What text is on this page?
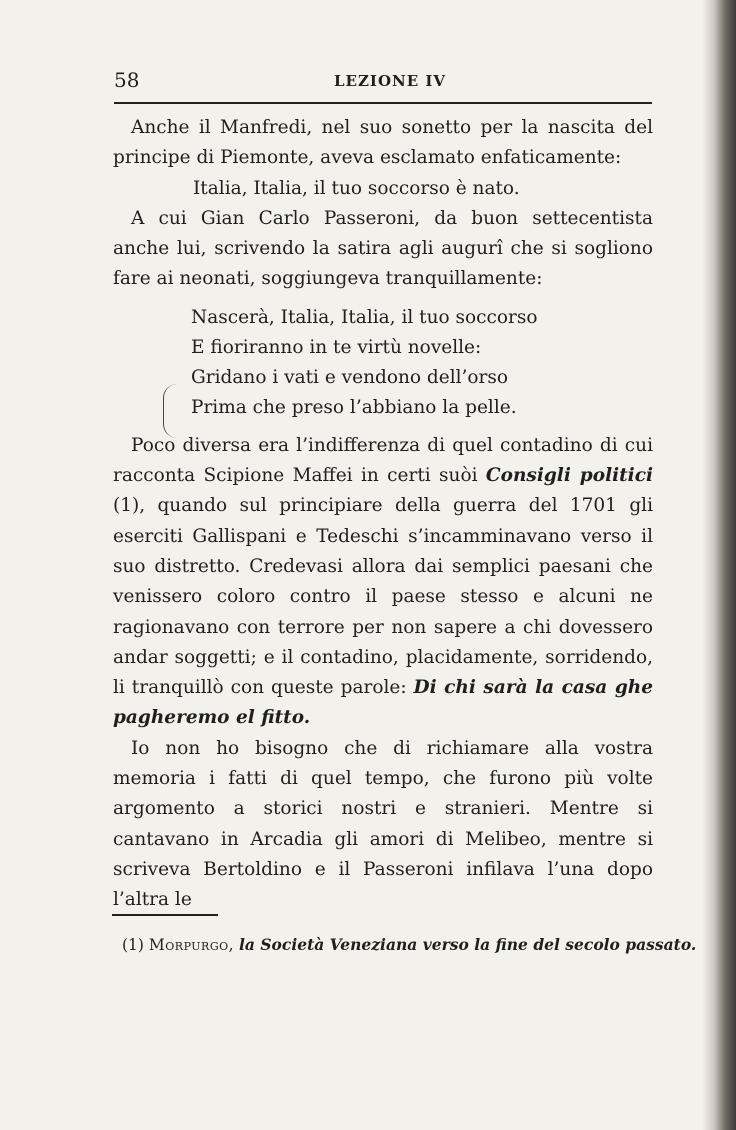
58	LEZIONE IV

Anche il Manfredi, nel suo sonetto per la nascita del principe di Piemonte, aveva esclamato enfaticamente:

Italia, Italia, il tuo soccorso è nato.

A cui Gian Carlo Passeroni, da buon settecentista anche lui, scrivendo la satira agli augurî che si sogliono fare ai neonati, soggiungeva tranquillamente:

Nascerà, Italia, Italia, il tuo soccorso
E fioriranno in te virtù novelle:
Gridano i vati e vendono dell’orso
Prima che preso l’abbiano la pelle.

Poco diversa era l’indifferenza di quel contadino di cui racconta Scipione Maffei in certi suòi Consigli politici (1), quando sul principiare della guerra del 1701 gli eserciti Gallispani e Tedeschi s’incamminavano verso il suo distretto. Credevasi allora dai semplici paesani che venissero coloro contro il paese stesso e alcuni ne ragionavano con terrore per non sapere a chi dovessero andar soggetti; e il contadino, placidamente, sorridendo, li tranquillò con queste parole: Di chi sarà la casa ghe pagheremo el fitto.

Io non ho bisogno che di richiamare alla vostra memoria i fatti di quel tempo, che furono più volte argomento a storici nostri e stranieri. Mentre si cantavano in Arcadia gli amori di Melibeo, mentre si scriveva Bertoldino e il Passeroni infilava l’una dopo l’altra le

(1) Morpurgo, la Società Veneziana verso la fine del secolo passato.
